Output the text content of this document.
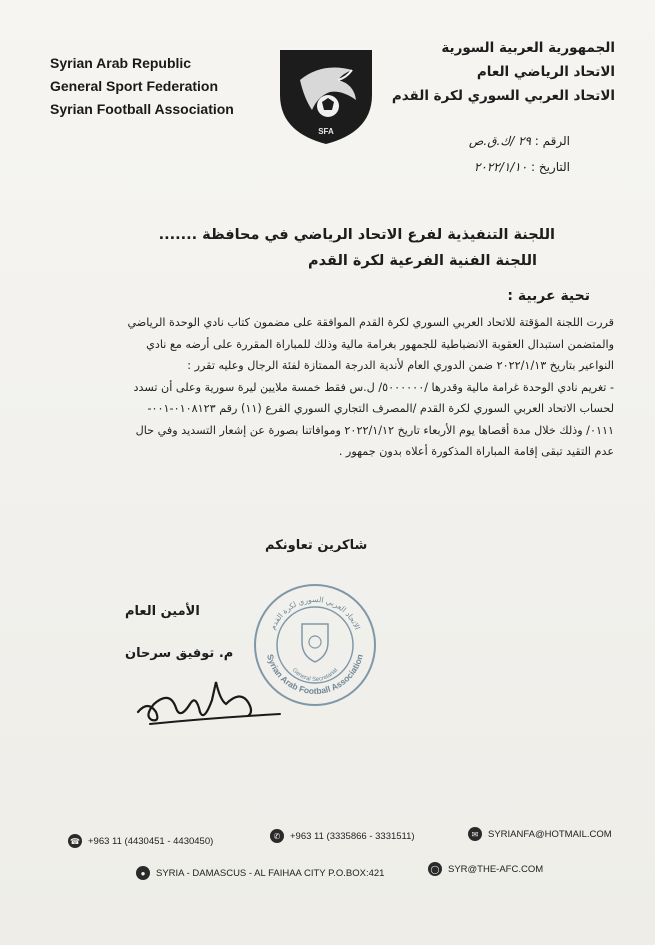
Syrian Arab Republic
General Sport Federation
Syrian Football Association
SFA
الجمهورية العربية السورية
الاتحاد الرياضي العام
الاتحاد العربي السوري لكرة القدم
الرقم : ٢٩ /ك.ق.ص
التاريخ : ٢٠٢٢/١/١٠
اللجنة التنفيذية لفرع الاتحاد الرياضي في محافظة .......
اللجنة الفنية الفرعية لكرة القدم
تحية عربية :

قررت اللجنة المؤقتة للاتحاد العربي السوري لكرة القدم الموافقة على مضمون كتاب نادي الوحدة الرياضي

والمتضمن استبدال العقوبة الانضباطية للجمهور بغرامة مالية وذلك للمباراة المقررة على أرضه مع نادي

النواعير بتاريخ ٢٠٢٢/١/١٣ ضمن الدوري العام لأندية الدرجة الممتازة لفئة الرجال وعليه تقرر :

- تغريم نادي الوحدة غرامة مالية وقدرها /٥٠٠٠٠٠٠/ ل.س فقط خمسة ملايين ليرة سورية وعلى أن تسدد

لحساب الاتحاد العربي السوري لكرة القدم /المصرف التجاري السوري الفرع (١١) رقم ٠١٠٨١٢٣-٠٠١-

٠١١١/ وذلك خلال مدة أقصاها يوم الأربعاء تاريخ ٢٠٢٢/١/١٢ وموافاتنا بصورة عن إشعار التسديد وفي حال

عدم التقيد تبقى إقامة المباراة المذكورة أعلاه بدون جمهور .

شاكرين تعاونكم
Syrian Arab Football Association
الاتحاد العربي السوري لكرة القدم
General Secretariat
الأمين العام
م. توفيق سرحان
☎ +963 11 (4430451 - 4430450)	✆	+963 11 (3335866 - 3331511)	✉	SYRIANFA@HOTMAIL.COM
●	SYRIA - DAMASCUS - AL FAIHAA CITY P.O.BOX:421	◯ SYR@THE-AFC.COM
